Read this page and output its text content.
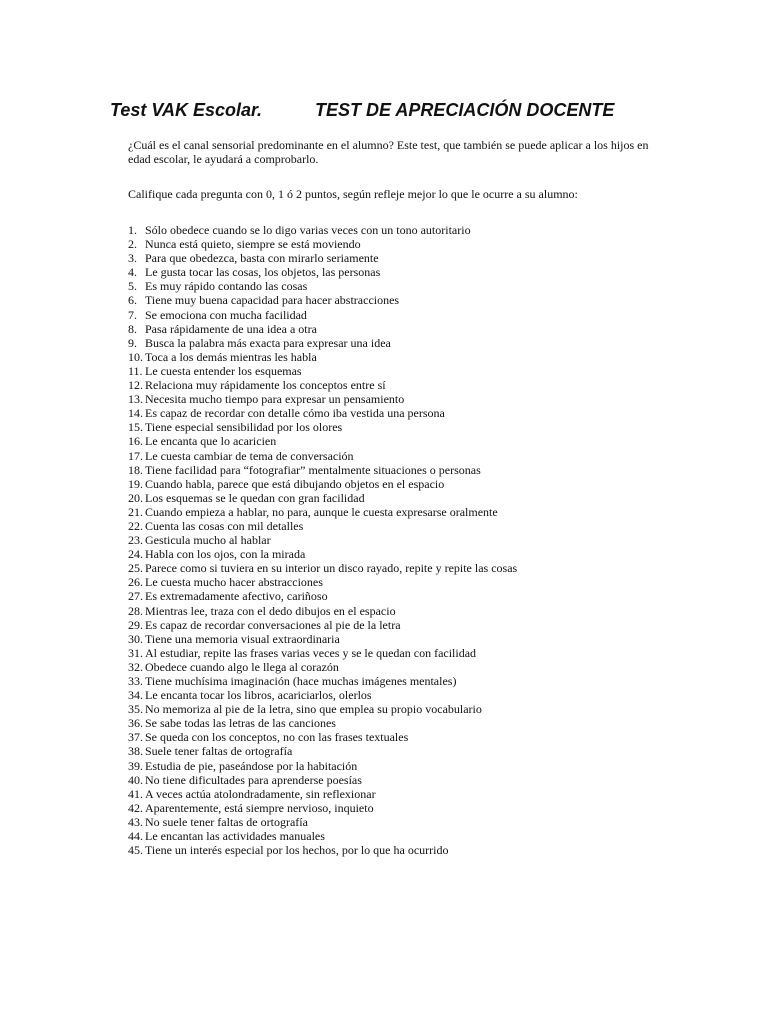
Test VAK Escolar.	TEST DE APRECIACIÓN DOCENTE
¿Cuál es el canal sensorial predominante en el alumno? Este test, que también se puede aplicar a los hijos en edad escolar, le ayudará a comprobarlo.
Califique cada pregunta con 0, 1 ó 2 puntos, según refleje mejor lo que le ocurre a su alumno:
1. Sólo obedece cuando se lo digo varias veces con un tono autoritario
2. Nunca está quieto, siempre se está moviendo
3. Para que obedezca, basta con mirarlo seriamente
4. Le gusta tocar las cosas, los objetos, las personas
5. Es muy rápido contando las cosas
6. Tiene muy buena capacidad para hacer abstracciones
7. Se emociona con mucha facilidad
8. Pasa rápidamente de una idea a otra
9. Busca la palabra más exacta para expresar una idea
10. Toca a los demás mientras les habla
11. Le cuesta entender los esquemas
12. Relaciona muy rápidamente los conceptos entre sí
13. Necesita mucho tiempo para expresar un pensamiento
14. Es capaz de recordar con detalle cómo iba vestida una persona
15. Tiene especial sensibilidad por los olores
16. Le encanta que lo acaricien
17. Le cuesta cambiar de tema de conversación
18. Tiene facilidad para “fotografiar” mentalmente situaciones o personas
19. Cuando habla, parece que está dibujando objetos en el espacio
20. Los esquemas se le quedan con gran facilidad
21. Cuando empieza a hablar, no para, aunque le cuesta expresarse oralmente
22. Cuenta las cosas con mil detalles
23. Gesticula mucho al hablar
24. Habla con los ojos, con la mirada
25. Parece como si tuviera en su interior un disco rayado, repite y repite las cosas
26. Le cuesta mucho hacer abstracciones
27. Es extremadamente afectivo, cariñoso
28. Mientras lee, traza con el dedo dibujos en el espacio
29. Es capaz de recordar conversaciones al pie de la letra
30. Tiene una memoria visual extraordinaria
31. Al estudiar, repite las frases varias veces y se le quedan con facilidad
32. Obedece cuando algo le llega al corazón
33. Tiene muchísima imaginación (hace muchas imágenes mentales)
34. Le encanta tocar los libros, acariciarlos, olerlos
35. No memoriza al pie de la letra, sino que emplea su propio vocabulario
36. Se sabe todas las letras de las canciones
37. Se queda con los conceptos, no con las frases textuales
38. Suele tener faltas de ortografía
39. Estudia de pie, paseándose por la habitación
40. No tiene dificultades para aprenderse poesías
41. A veces actúa atolondradamente, sin reflexionar
42. Aparentemente, está siempre nervioso, inquieto
43. No suele tener faltas de ortografía
44. Le encantan las actividades manuales
45. Tiene un interés especial por los hechos, por lo que ha ocurrido
